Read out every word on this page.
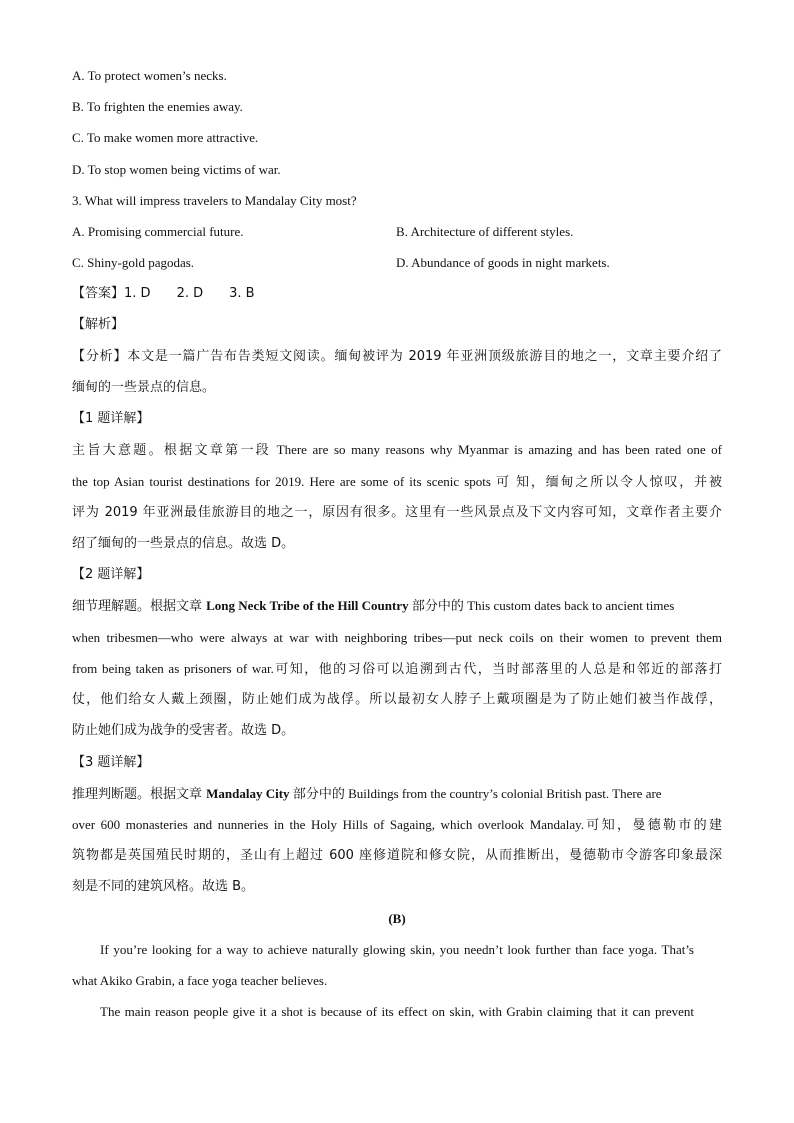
A. To protect women’s necks.
B. To frighten the enemies away.
C. To make women more attractive.
D. To stop women being victims of war.
3. What will impress travelers to Mandalay City most?
A. Promising commercial future.	B. Architecture of different styles.
C. Shiny-gold pagodas.	D. Abundance of goods in night markets.
【答案】1. D 2. D 3. B
【解析】
【分析】本文是一篇广告布告类短文阅读。缅甸被评为 2019 年亚洲顶级旅游目的地之一，文章主要介绍了
缅甸的一些景点的信息。
【1 题详解】
主旨大意题。根据文章第一段 There are so many reasons why Myanmar is amazing and has been rated one of
the top Asian tourist destinations for 2019. Here are some of its scenic spots 可 知，缅甸之所以令人惊叹，并被
评为 2019 年亚洲最佳旅游目的地之一，原因有很多。这里有一些风景点及下文内容可知，文章作者主要介
绍了缅甸的一些景点的信息。故选 D。
【2 题详解】
细节理解题。根据文章 Long Neck Tribe of the Hill Country 部分中的 This custom dates back to ancient times
when tribesmen—who were always at war with neighboring tribes—put neck coils on their women to prevent them
from being taken as prisoners of war.可知，他的习俗可以追溯到古代，当时部落里的人总是和邻近的部落打
仗，他们给女人戴上颈圈，防止她们成为战俘。所以最初女人脖子上戴项圈是为了防止她们被当作战俘，
防止她们成为战争的受害者。故选 D。
【3 题详解】
推理判断题。根据文章 Mandalay City 部分中的 Buildings from the country’s colonial British past. There are
over 600 monasteries and nunneries in the Holy Hills of Sagaing, which overlook Mandalay.可知，曼德勒市的建
筑物都是英国殖民时期的，圣山有上超过 600 座修道院和修女院，从而推断出，曼德勒市令游客印象最深
刻是不同的建筑风格。故选 B。
(B)
If you’re looking for a way to achieve naturally glowing skin, you needn’t look further than face yoga. That’s
what Akiko Grabin, a face yoga teacher believes.
The main reason people give it a shot is because of its effect on skin, with Grabin claiming that it can prevent
